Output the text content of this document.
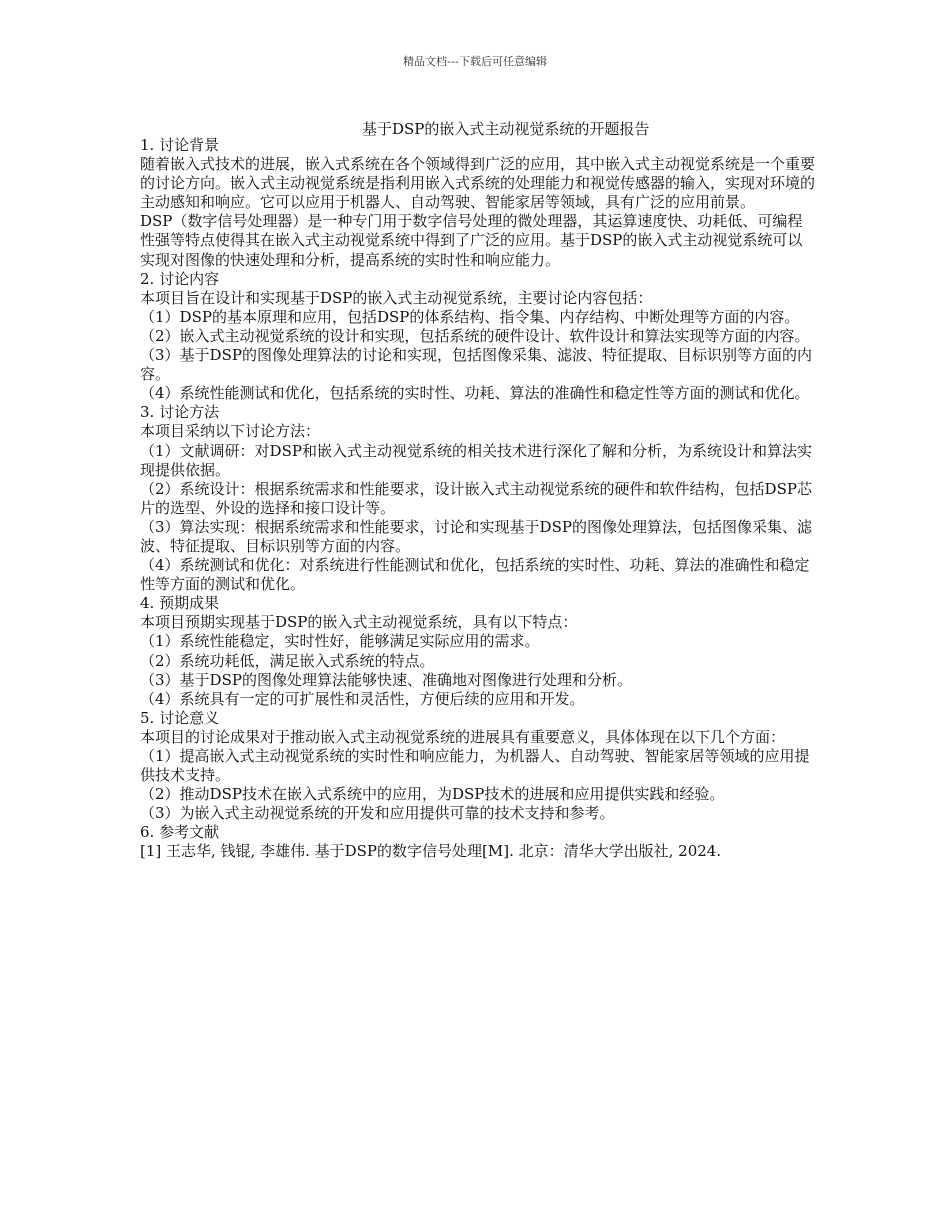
精品文档---下载后可任意编辑
基于DSP的嵌入式主动视觉系统的开题报告

1. 讨论背景

随着嵌入式技术的进展，嵌入式系统在各个领域得到广泛的应用，其中嵌入式主动视觉系统是一个重要的讨论方向。嵌入式主动视觉系统是指利用嵌入式系统的处理能力和视觉传感器的输入，实现对环境的主动感知和响应。它可以应用于机器人、自动驾驶、智能家居等领域，具有广泛的应用前景。

DSP（数字信号处理器）是一种专门用于数字信号处理的微处理器，其运算速度快、功耗低、可编程性强等特点使得其在嵌入式主动视觉系统中得到了广泛的应用。基于DSP的嵌入式主动视觉系统可以实现对图像的快速处理和分析，提高系统的实时性和响应能力。

2. 讨论内容

本项目旨在设计和实现基于DSP的嵌入式主动视觉系统，主要讨论内容包括：

（1）DSP的基本原理和应用，包括DSP的体系结构、指令集、内存结构、中断处理等方面的内容。

（2）嵌入式主动视觉系统的设计和实现，包括系统的硬件设计、软件设计和算法实现等方面的内容。

（3）基于DSP的图像处理算法的讨论和实现，包括图像采集、滤波、特征提取、目标识别等方面的内容。

（4）系统性能测试和优化，包括系统的实时性、功耗、算法的准确性和稳定性等方面的测试和优化。

3. 讨论方法

本项目采纳以下讨论方法：

（1）文献调研：对DSP和嵌入式主动视觉系统的相关技术进行深化了解和分析，为系统设计和算法实现提供依据。

（2）系统设计：根据系统需求和性能要求，设计嵌入式主动视觉系统的硬件和软件结构，包括DSP芯片的选型、外设的选择和接口设计等。

（3）算法实现：根据系统需求和性能要求，讨论和实现基于DSP的图像处理算法，包括图像采集、滤波、特征提取、目标识别等方面的内容。

（4）系统测试和优化：对系统进行性能测试和优化，包括系统的实时性、功耗、算法的准确性和稳定性等方面的测试和优化。

4. 预期成果

本项目预期实现基于DSP的嵌入式主动视觉系统，具有以下特点：

（1）系统性能稳定，实时性好，能够满足实际应用的需求。

（2）系统功耗低，满足嵌入式系统的特点。

（3）基于DSP的图像处理算法能够快速、准确地对图像进行处理和分析。

（4）系统具有一定的可扩展性和灵活性，方便后续的应用和开发。

5. 讨论意义

本项目的讨论成果对于推动嵌入式主动视觉系统的进展具有重要意义，具体体现在以下几个方面：

（1）提高嵌入式主动视觉系统的实时性和响应能力，为机器人、自动驾驶、智能家居等领域的应用提供技术支持。

（2）推动DSP技术在嵌入式系统中的应用，为DSP技术的进展和应用提供实践和经验。

（3）为嵌入式主动视觉系统的开发和应用提供可靠的技术支持和参考。

6. 参考文献

[1] 王志华, 钱锟, 李雄伟. 基于DSP的数字信号处理[M]. 北京：清华大学出版社, 2024.
